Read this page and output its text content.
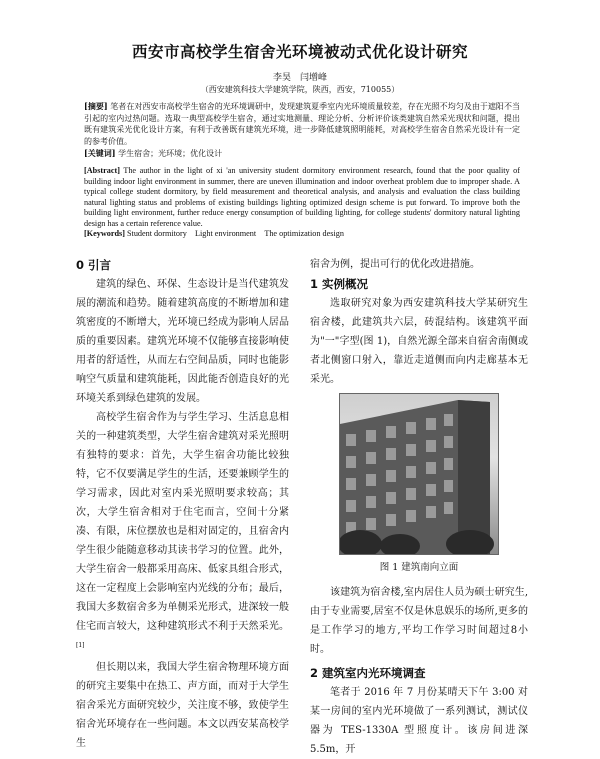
西安市高校学生宿舍光环境被动式优化设计研究
李昊　闫增峰
（西安建筑科技大学建筑学院，陕西，西安，710055）
[摘要] 笔者在对西安市高校学生宿舍的光环境调研中，发现建筑夏季室内光环境质量较差，存在光照不均匀及由于遮阳不当引起的室内过热问题。选取一典型高校学生宿舍，通过实地测量、理论分析、分析评价该类建筑自然采光现状和问题，提出既有建筑采光优化设计方案，有利于改善既有建筑光环境，进一步降低建筑照明能耗，对高校学生宿舍自然采光设计有一定的参考价值。
[关键词] 学生宿舍；光环境；优化设计
[Abstract] The author in the light of xi 'an university student dormitory environment research, found that the poor quality of building indoor light environment in summer, there are uneven illumination and indoor overheat problem due to improper shade. A typical college student dormitory, by field measurement and theoretical analysis, and analysis and evaluation the class building natural lighting status and problems of existing buildings lighting optimized design scheme is put forward. To improve both the building light environment, further reduce energy consumption of building lighting, for college students' dormitory natural lighting design has a certain reference value.
[Keywords] Student dormitory　Light environment　The optimization design
0 引言

建筑的绿色、环保、生态设计是当代建筑发展的潮流和趋势。随着建筑高度的不断增加和建筑密度的不断增大，光环境已经成为影响人居品质的重要因素。建筑光环境不仅能够直接影响使用者的舒适性，从而左右空间品质，同时也能影响空气质量和建筑能耗，因此能否创造良好的光环境关系到绿色建筑的发展。

高校学生宿舍作为与学生学习、生活息息相关的一种建筑类型，大学生宿舍建筑对采光照明有独特的要求：首先，大学生宿舍功能比较独特，它不仅要满足学生的生活，还要兼顾学生的学习需求，因此对室内采光照明要求较高；其次，大学生宿舍相对于住宅而言，空间十分紧凑、有限，床位摆放也是相对固定的，且宿舍内学生很少能随意移动其读书学习的位置。此外，大学生宿舍一般都采用高床、低家具组合形式，这在一定程度上会影响室内光线的分布；最后，我国大多数宿舍多为单侧采光形式，进深较一般住宅而言较大，这种建筑形式不利于天然采光。[1]

但长期以来，我国大学生宿舍物理环境方面的研究主要集中在热工、声方面，而对于大学生宿舍采光方面研究较少，关注度不够，致使学生宿舍光环境存在一些问题。本文以西安某高校学生

宿舍为例，提出可行的优化改进措施。

1 实例概况

选取研究对象为西安建筑科技大学某研究生宿舍楼，此建筑共六层，砖混结构。该建筑平面为"一"字型(图 1)，自然光源全部来自宿舍南侧或者北侧窗口射入，靠近走道侧而向内走廊基本无采光。

图 1 建筑南向立面

该建筑为宿舍楼,室内居住人员为硕士研究生,由于专业需要,居室不仅是休息娱乐的场所,更多的是工作学习的地方,平均工作学习时间超过8小时。

2 建筑室内光环境调查

笔者于 2016 年 7 月份某晴天下午 3:00 对某一房间的室内光环境做了一系列测试，测试仪器为 TES-1330A 型照度计。该房间进深 5.5m，开
